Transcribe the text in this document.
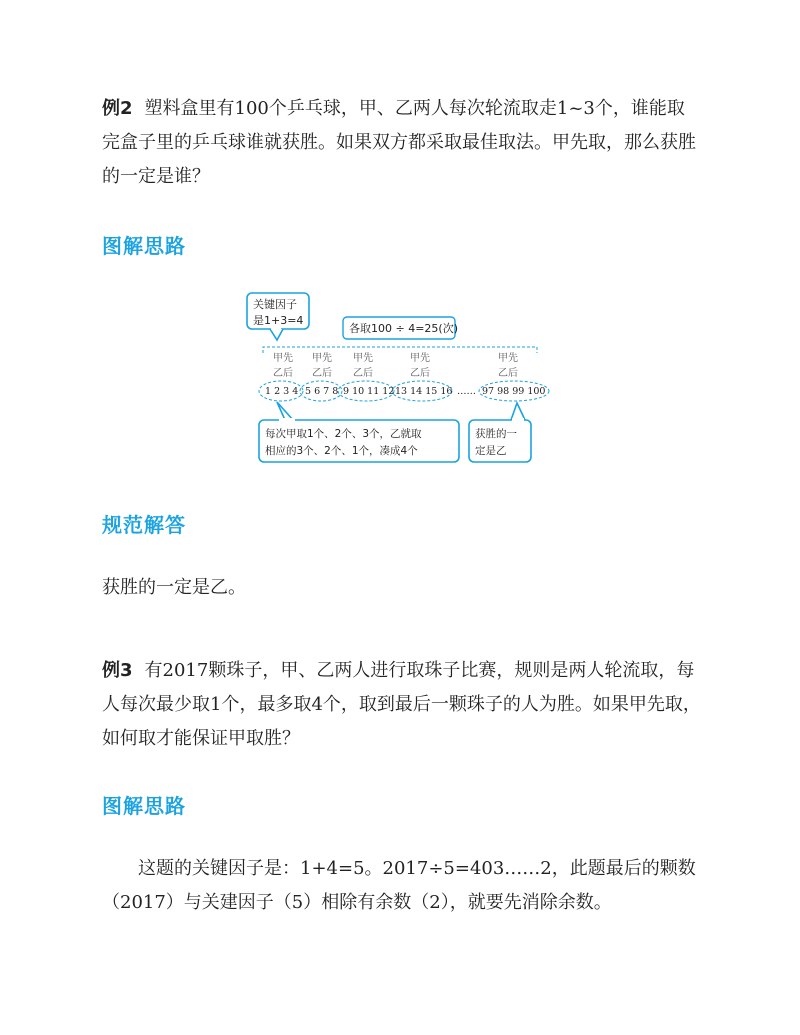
例2 塑料盒里有100个乒乓球，甲、乙两人每次轮流取走1~3个，谁能取完盒子里的乒乓球谁就获胜。如果双方都采取最佳取法。甲先取，那么获胜的一定是谁？

图解思路
关键因子
是1+3=4
各取100 ÷ 4=25(次)
甲先
乙后
甲先
乙后
甲先
乙后
甲先
乙后
甲先
乙后
1 2 3 4 5 6 7 8 9 10 11 12 13 14 15 16 …… 97 98 99 100
每次甲取1个、2个、3个，乙就取
相应的3个、2个、1个，凑成4个
获胜的一
定是乙
规范解答

获胜的一定是乙。

例3 有2017颗珠子，甲、乙两人进行取珠子比赛，规则是两人轮流取，每人每次最少取1个，最多取4个，取到最后一颗珠子的人为胜。如果甲先取，如何取才能保证甲取胜？

图解思路

这题的关键因子是：1+4=5。2017÷5=403……2，此题最后的颗数（2017）与关建因子（5）相除有余数（2），就要先消除余数。
